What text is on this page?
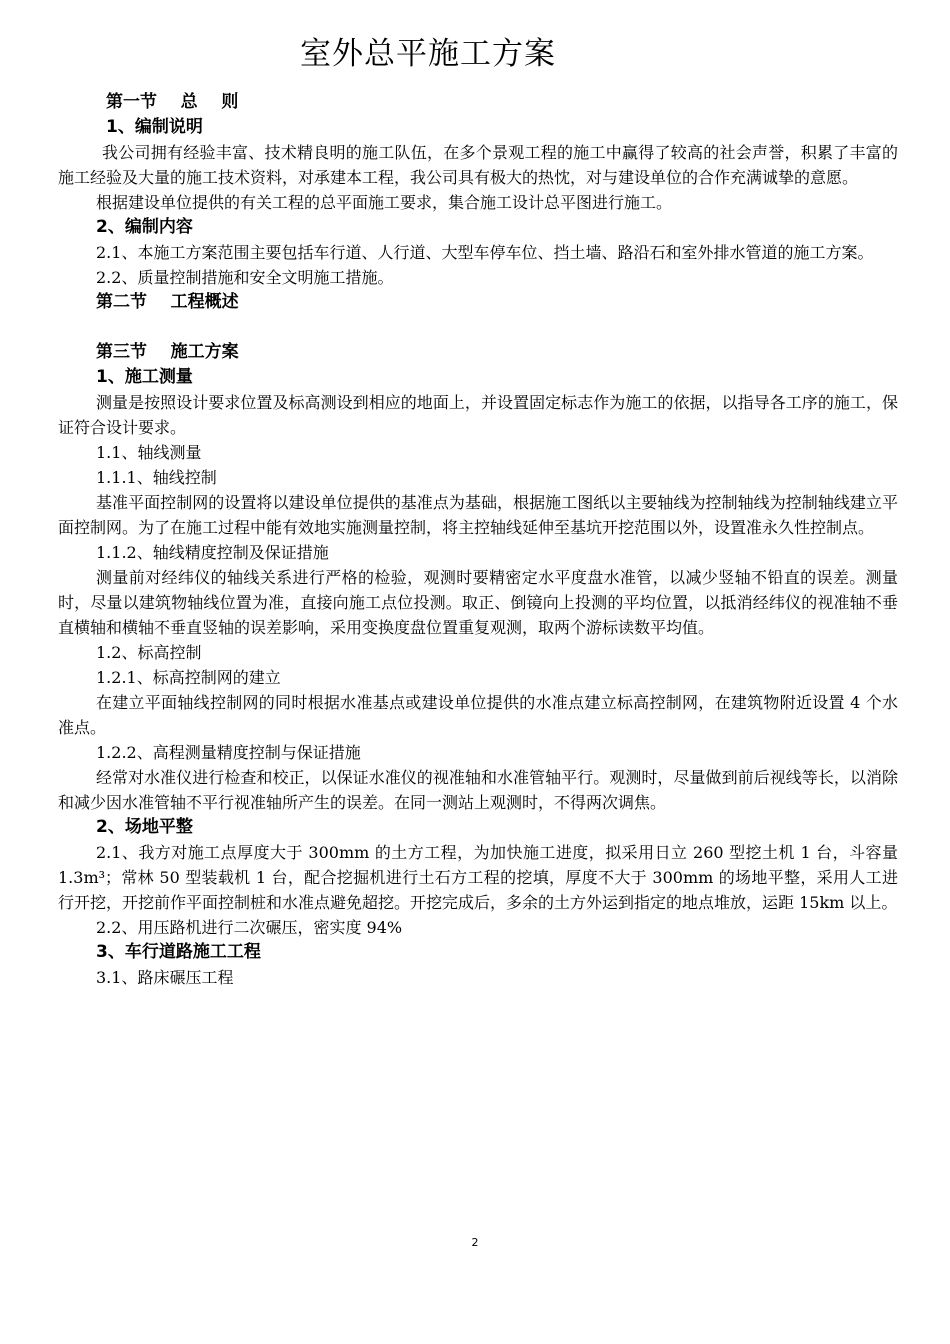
室外总平施工方案
第一节    总    则
1、编制说明

我公司拥有经验丰富、技术精良明的施工队伍，在多个景观工程的施工中赢得了较高的社会声誉，积累了丰富的施工经验及大量的施工技术资料，对承建本工程，我公司具有极大的热忱，对与建设单位的合作充满诚挚的意愿。

根据建设单位提供的有关工程的总平面施工要求，集合施工设计总平图进行施工。

2、编制内容

2.1、本施工方案范围主要包括车行道、人行道、大型车停车位、挡土墙、路沿石和室外排水管道的施工方案。

2.2、质量控制措施和安全文明施工措施。

第二节    工程概述
第三节    施工方案
1、施工测量

测量是按照设计要求位置及标高测设到相应的地面上，并设置固定标志作为施工的依据，以指导各工序的施工，保证符合设计要求。

1.1、轴线测量
1.1.1、轴线控制

基准平面控制网的设置将以建设单位提供的基准点为基础，根据施工图纸以主要轴线为控制轴线为控制轴线建立平面控制网。为了在施工过程中能有效地实施测量控制，将主控轴线延伸至基坑开挖范围以外，设置准永久性控制点。

1.1.2、轴线精度控制及保证措施

测量前对经纬仪的轴线关系进行严格的检验，观测时要精密定水平度盘水准管，以减少竖轴不铅直的误差。测量时，尽量以建筑物轴线位置为准，直接向施工点位投测。取正、倒镜向上投测的平均位置，以抵消经纬仪的视准轴不垂直横轴和横轴不垂直竖轴的误差影响，采用变换度盘位置重复观测，取两个游标读数平均值。

1.2、标高控制
1.2.1、标高控制网的建立

在建立平面轴线控制网的同时根据水准基点或建设单位提供的水准点建立标高控制网，在建筑物附近设置 4 个水准点。

1.2.2、高程测量精度控制与保证措施

经常对水准仪进行检查和校正，以保证水准仪的视准轴和水准管轴平行。观测时，尽量做到前后视线等长，以消除和减少因水准管轴不平行视准轴所产生的误差。在同一测站上观测时，不得两次调焦。

2、场地平整

2.1、我方对施工点厚度大于 300mm 的土方工程，为加快施工进度，拟采用日立 260 型挖土机 1 台，斗容量 1.3m³；常林 50 型装载机 1 台，配合挖掘机进行土石方工程的挖填，厚度不大于 300mm 的场地平整，采用人工进行开挖，开挖前作平面控制桩和水准点避免超挖。开挖完成后，多余的土方外运到指定的地点堆放，运距 15km 以上。

2.2、用压路机进行二次碾压，密实度 94%

3、车行道路施工工程
3.1、路床碾压工程
2
